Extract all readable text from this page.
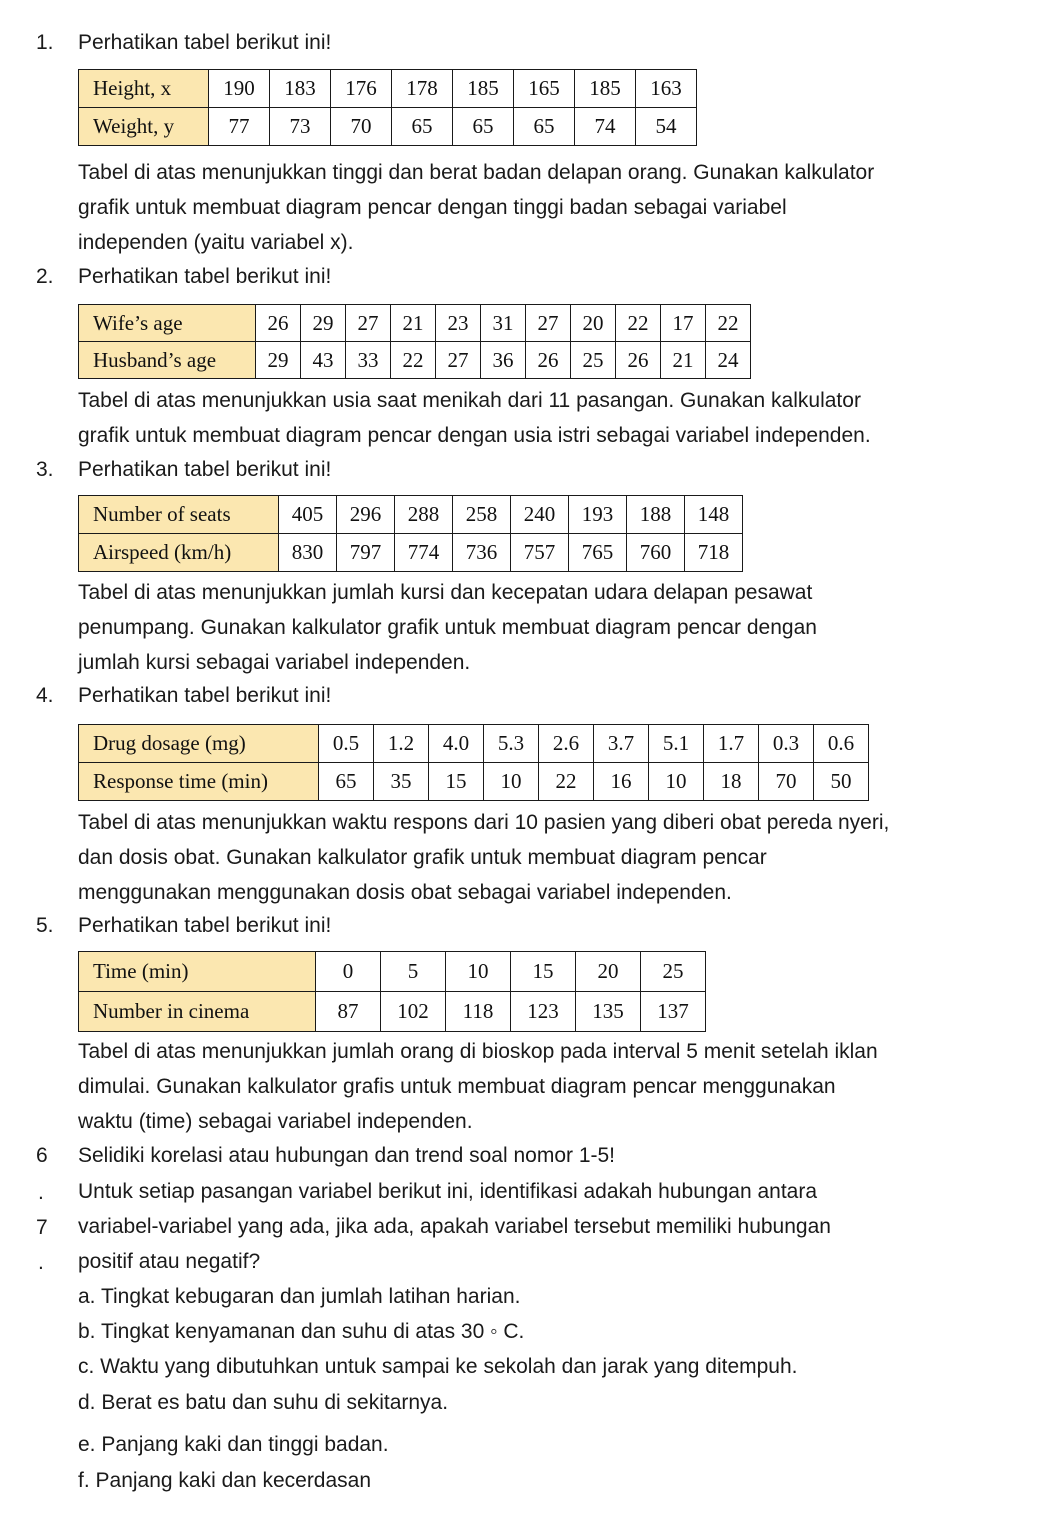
1. Perhatikan tabel berikut ini!
Height, x	190	183	176	178	185	165	185	163
Weight, y	77	73	70	65	65	65	74	54
Tabel di atas menunjukkan tinggi dan berat badan delapan orang. Gunakan kalkulator
grafik untuk membuat diagram pencar dengan tinggi badan sebagai variabel
independen (yaitu variabel x).
2. Perhatikan tabel berikut ini!
Wife’s age	26	29	27	21	23	31	27	20	22	17	22
Husband’s age	29	43	33	22	27	36	26	25	26	21	24
Tabel di atas menunjukkan usia saat menikah dari 11 pasangan. Gunakan kalkulator
grafik untuk membuat diagram pencar dengan usia istri sebagai variabel independen.
3. Perhatikan tabel berikut ini!
Number of seats	405	296	288	258	240	193	188	148
Airspeed (km/h)	830	797	774	736	757	765	760	718
Tabel di atas menunjukkan jumlah kursi dan kecepatan udara delapan pesawat
penumpang. Gunakan kalkulator grafik untuk membuat diagram pencar dengan
jumlah kursi sebagai variabel independen.
4. Perhatikan tabel berikut ini!
Drug dosage (mg)	0.5	1.2	4.0	5.3	2.6	3.7	5.1	1.7	0.3	0.6
Response time (min)	65	35	15	10	22	16	10	18	70	50
Tabel di atas menunjukkan waktu respons dari 10 pasien yang diberi obat pereda nyeri,
dan dosis obat. Gunakan kalkulator grafik untuk membuat diagram pencar
menggunakan menggunakan dosis obat sebagai variabel independen.
5. Perhatikan tabel berikut ini!
Time (min)	0	5	10	15	20	25
Number in cinema	87	102	118	123	135	137
Tabel di atas menunjukkan jumlah orang di bioskop pada interval 5 menit setelah iklan
dimulai. Gunakan kalkulator grafis untuk membuat diagram pencar menggunakan
waktu (time) sebagai variabel independen.
6 Selidiki korelasi atau hubungan dan trend soal nomor 1-5!
.
7
.
Untuk setiap pasangan variabel berikut ini, identifikasi adakah hubungan antara
variabel-variabel yang ada, jika ada, apakah variabel tersebut memiliki hubungan
positif atau negatif?
a. Tingkat kebugaran dan jumlah latihan harian.
b. Tingkat kenyamanan dan suhu di atas 30 ◦ C.
c. Waktu yang dibutuhkan untuk sampai ke sekolah dan jarak yang ditempuh.
d. Berat es batu dan suhu di sekitarnya.
e. Panjang kaki dan tinggi badan.
f. Panjang kaki dan kecerdasan
